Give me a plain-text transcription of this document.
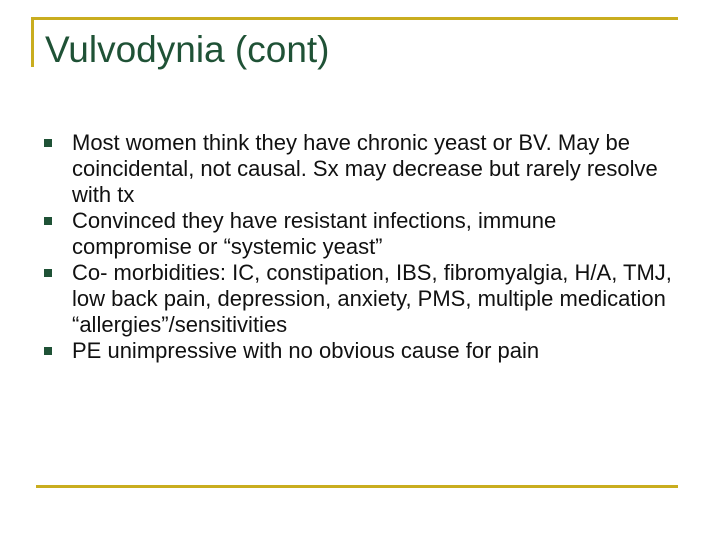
Vulvodynia (cont)
Most women think they have chronic yeast or BV. May be coincidental, not causal. Sx may decrease but rarely resolve with tx
Convinced they have resistant infections, immune compromise or “systemic yeast”
Co- morbidities: IC, constipation, IBS, fibromyalgia, H/A, TMJ, low back pain, depression, anxiety, PMS, multiple medication “allergies”/sensitivities
PE unimpressive with no obvious cause for pain
